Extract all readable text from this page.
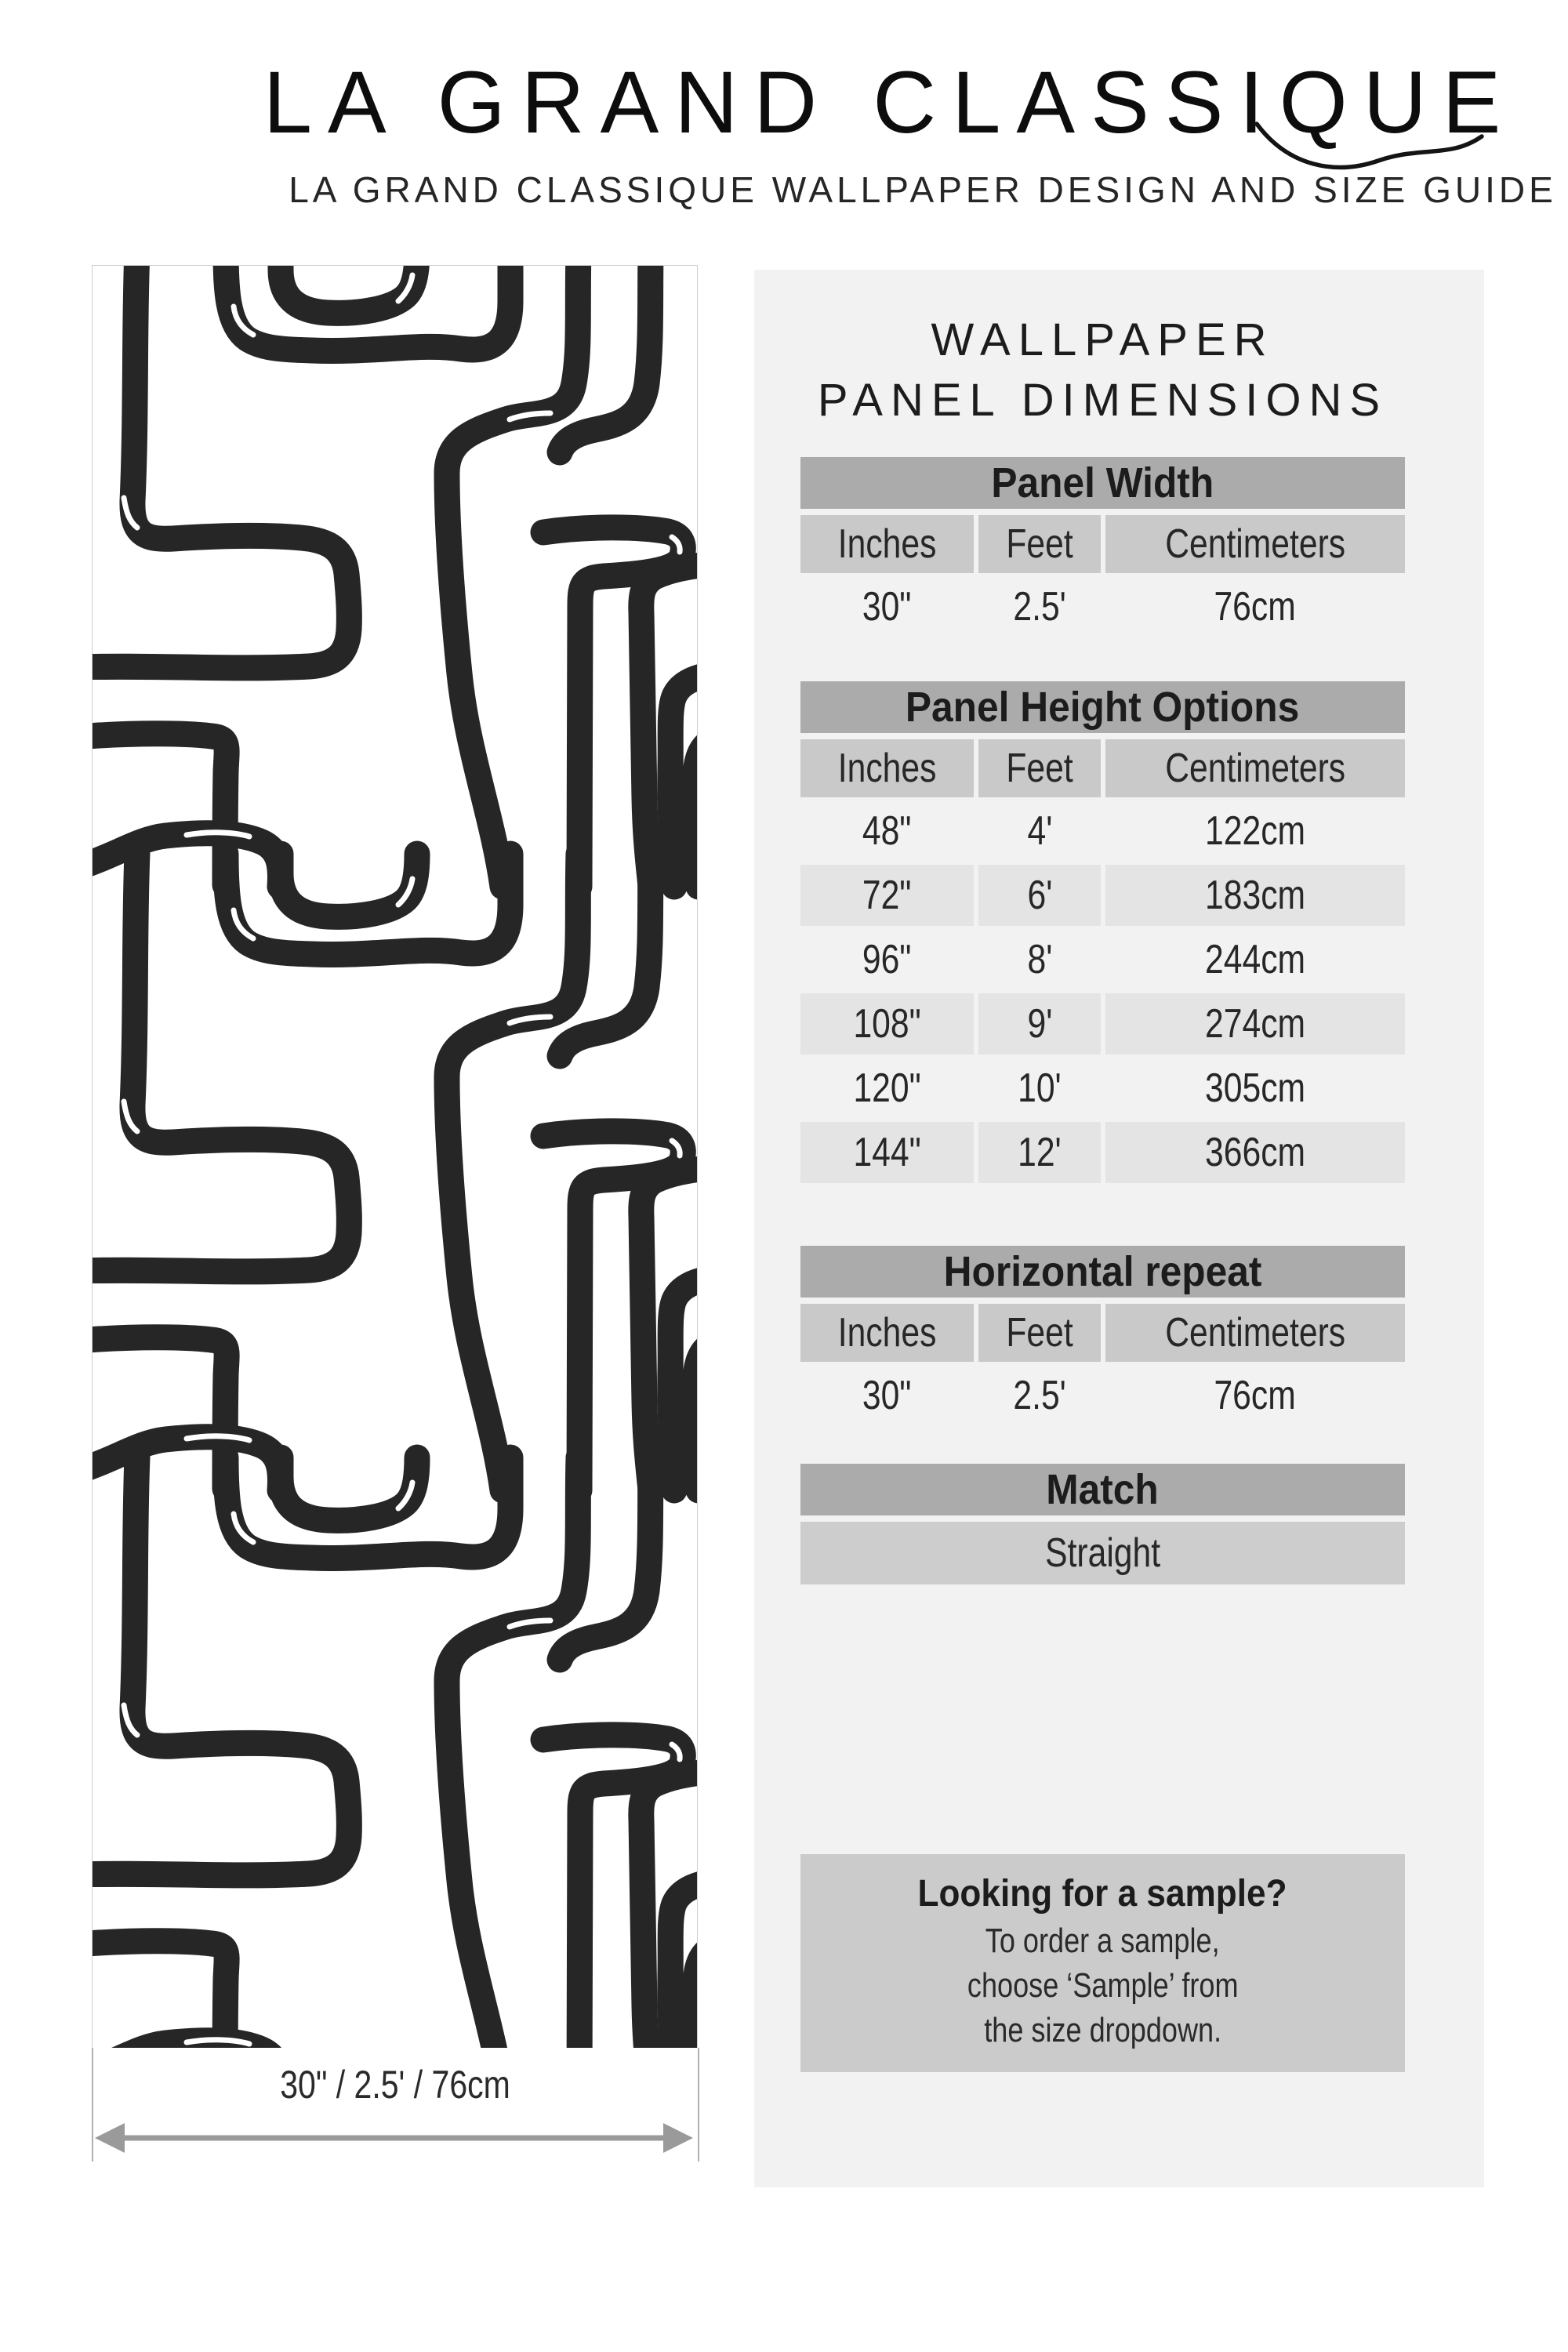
LA GRAND CLASSIQUE
LA GRAND CLASSIQUE WALLPAPER DESIGN AND SIZE GUIDE
30" / 2.5' / 76cm
WALLPAPER
PANEL DIMENSIONS
Panel Width
Inches	Feet	Centimeters
30"	2.5'	76cm
Panel Height Options
Inches	Feet	Centimeters
48"	4'	122cm
72"	6'	183cm
96"	8'	244cm
108"	9'	274cm
120"	10'	305cm
144"	12'	366cm
Horizontal repeat
Inches	Feet	Centimeters
30"	2.5'	76cm
Match
Straight
Looking for a sample?
To order a sample,
choose ‘Sample’ from
the size dropdown.
